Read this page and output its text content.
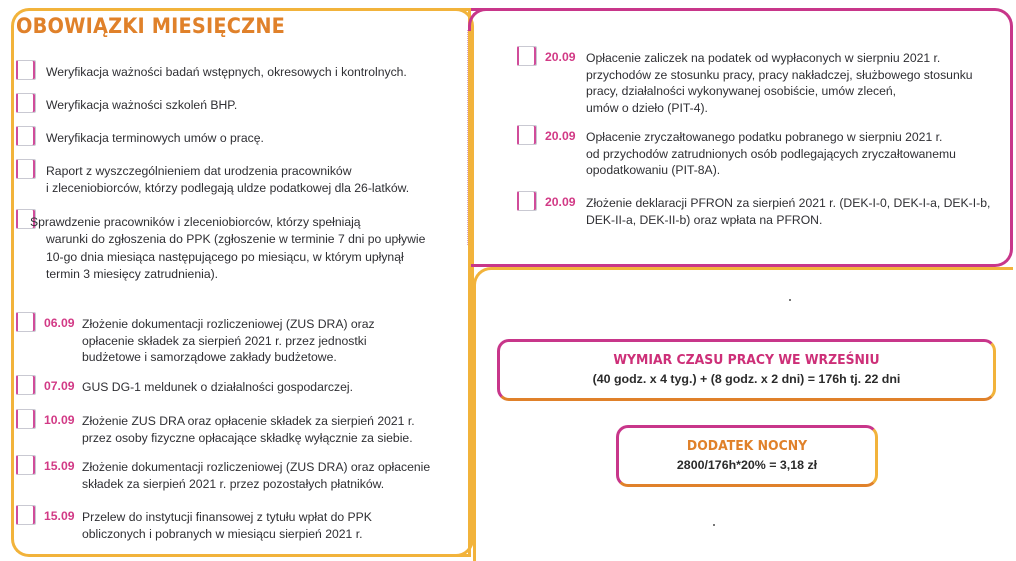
OBOWIĄZKI MIESIĘCZNE
Weryfikacja ważności badań wstępnych, okresowych i kontrolnych.
Weryfikacja ważności szkoleń BHP.
Weryfikacja terminowych umów o pracę.
Raport z wyszczególnieniem dat urodzenia pracowników
i zleceniobiorców, którzy podlegają uldze podatkowej dla 26-latków.
Sprawdzenie pracowników i zleceniobiorców, którzy spełniają
warunki do zgłoszenia do PPK (zgłoszenie w terminie 7 dni po upływie
10-go dnia miesiąca następującego po miesiącu, w którym upłynął
termin 3 miesięcy zatrudnienia).
06.09 Złożenie dokumentacji rozliczeniowej (ZUS DRA) oraz
opłacenie składek za sierpień 2021 r. przez jednostki
budżetowe i samorządowe zakłady budżetowe.
07.09 GUS DG-1 meldunek o działalności gospodarczej.
10.09 Złożenie ZUS DRA oraz opłacenie składek za sierpień 2021 r.
przez osoby fizyczne opłacające składkę wyłącznie za siebie.
15.09 Złożenie dokumentacji rozliczeniowej (ZUS DRA) oraz opłacenie
składek za sierpień 2021 r. przez pozostałych płatników.
15.09 Przelew do instytucji finansowej z tytułu wpłat do PPK
obliczonych i pobranych w miesiącu sierpień 2021 r.
20.09 Opłacenie zaliczek na podatek od wypłaconych w sierpniu 2021 r.
przychodów ze stosunku pracy, pracy nakładczej, służbowego stosunku
pracy, działalności wykonywanej osobiście, umów zleceń,
umów o dzieło (PIT-4).
20.09 Opłacenie zryczałtowanego podatku pobranego w sierpniu 2021 r.
od przychodów zatrudnionych osób podlegających zryczałtowanemu
opodatkowaniu (PIT-8A).
20.09 Złożenie deklaracji PFRON za sierpień 2021 r. (DEK-I-0, DEK-I-a, DEK-I-b,
DEK-II-a, DEK-II-b) oraz wpłata na PFRON.
WYMIAR CZASU PRACY WE WRZEŚNIU
(40 godz. x 4 tyg.) + (8 godz. x 2 dni) = 176h tj. 22 dni
DODATEK NOCNY
2800/176h*20% = 3,18 zł
